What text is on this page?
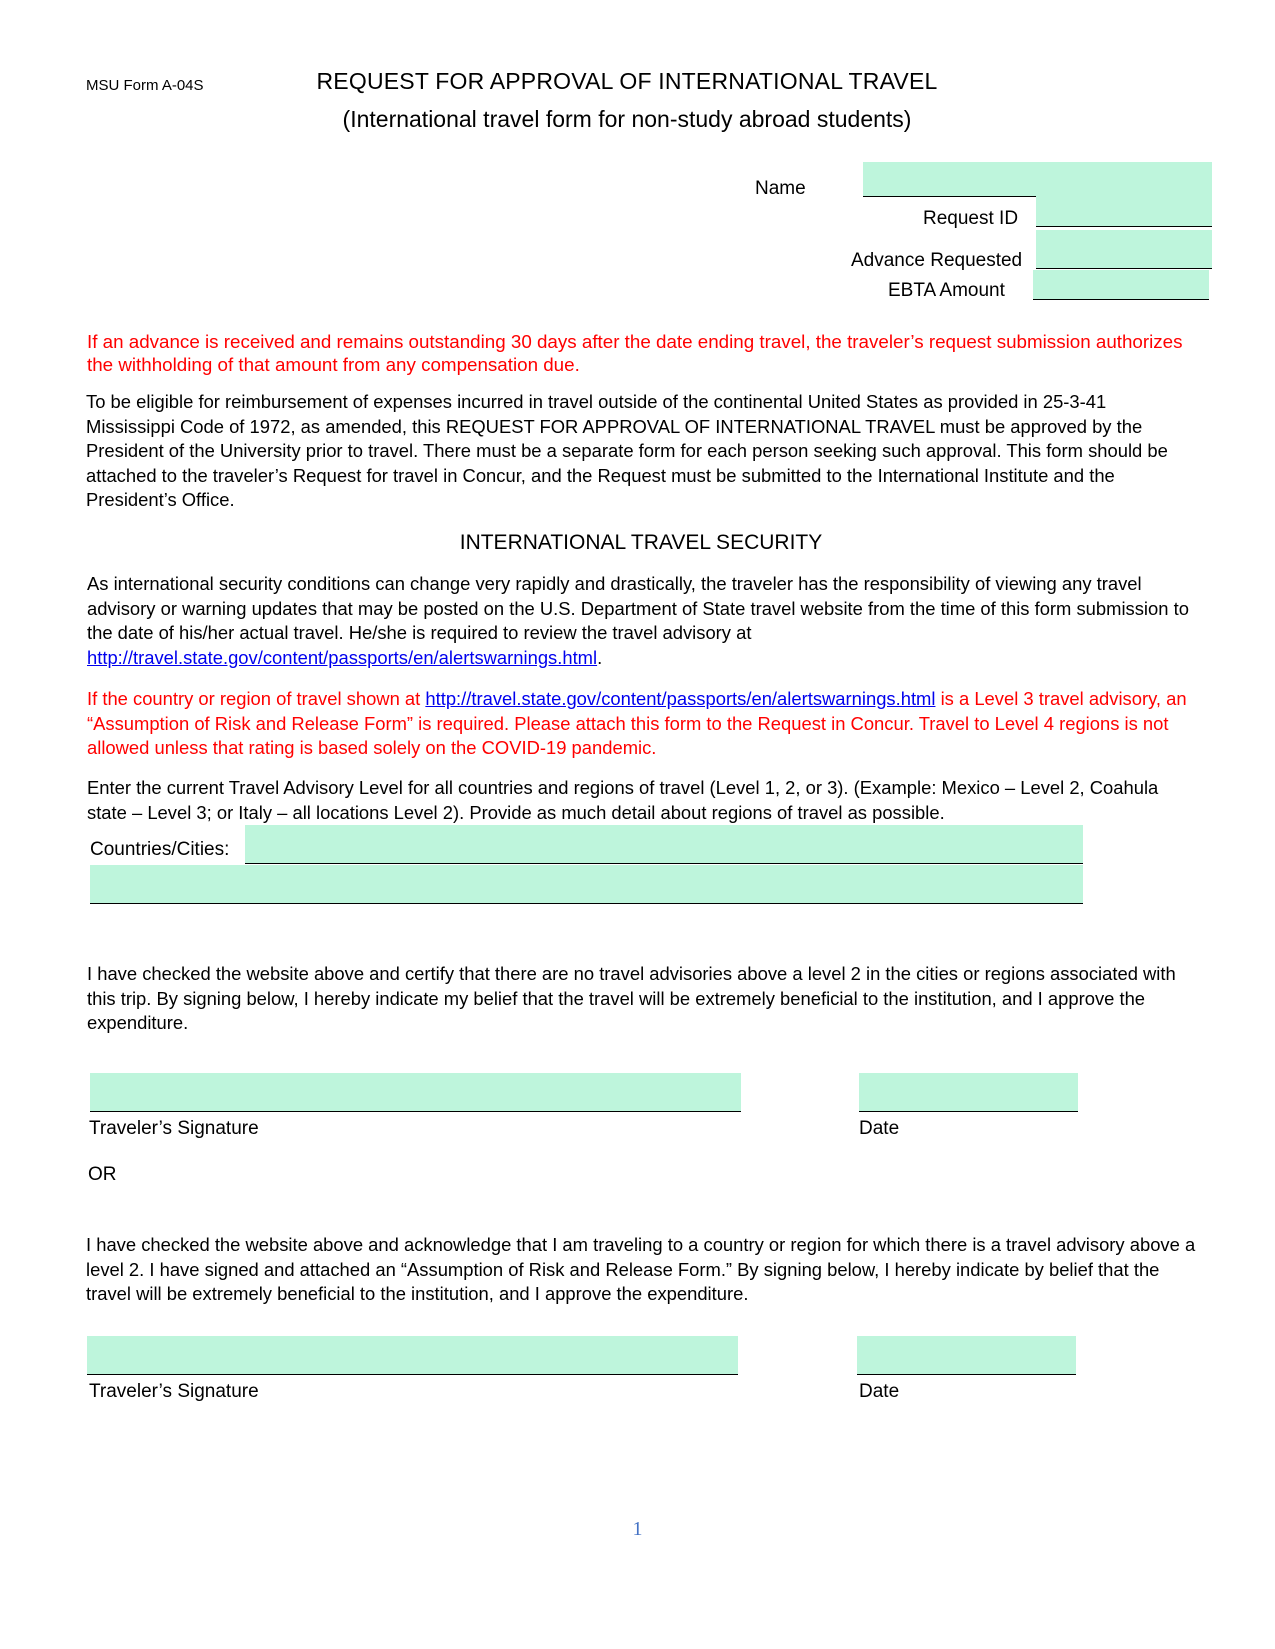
MSU Form A-04S	REQUEST FOR APPROVAL OF INTERNATIONAL TRAVEL
(International travel form for non-study abroad students)
Name
Request ID
Advance Requested
EBTA Amount
If an advance is received and remains outstanding 30 days after the date ending travel, the traveler’s request submission authorizes the withholding of that amount from any compensation due.
To be eligible for reimbursement of expenses incurred in travel outside of the continental United States as provided in 25-3-41 Mississippi Code of 1972, as amended, this REQUEST FOR APPROVAL OF INTERNATIONAL TRAVEL must be approved by the President of the University prior to travel. There must be a separate form for each person seeking such approval. This form should be attached to the traveler’s Request for travel in Concur, and the Request must be submitted to the International Institute and the President’s Office.
INTERNATIONAL TRAVEL SECURITY
As international security conditions can change very rapidly and drastically, the traveler has the responsibility of viewing any travel advisory or warning updates that may be posted on the U.S. Department of State travel website from the time of this form submission to the date of his/her actual travel. He/she is required to review the travel advisory at http://travel.state.gov/content/passports/en/alertswarnings.html.
If the country or region of travel shown at http://travel.state.gov/content/passports/en/alertswarnings.html is a Level 3 travel advisory, an “Assumption of Risk and Release Form” is required. Please attach this form to the Request in Concur. Travel to Level 4 regions is not allowed unless that rating is based solely on the COVID-19 pandemic.
Enter the current Travel Advisory Level for all countries and regions of travel (Level 1, 2, or 3). (Example: Mexico – Level 2, Coahula state – Level 3; or Italy – all locations Level 2). Provide as much detail about regions of travel as possible.
Countries/Cities:
I have checked the website above and certify that there are no travel advisories above a level 2 in the cities or regions associated with this trip. By signing below, I hereby indicate my belief that the travel will be extremely beneficial to the institution, and I approve the expenditure.
Traveler’s Signature	Date
OR
I have checked the website above and acknowledge that I am traveling to a country or region for which there is a travel advisory above a level 2. I have signed and attached an “Assumption of Risk and Release Form.” By signing below, I hereby indicate by belief that the travel will be extremely beneficial to the institution, and I approve the expenditure.
Traveler’s Signature	Date
1
